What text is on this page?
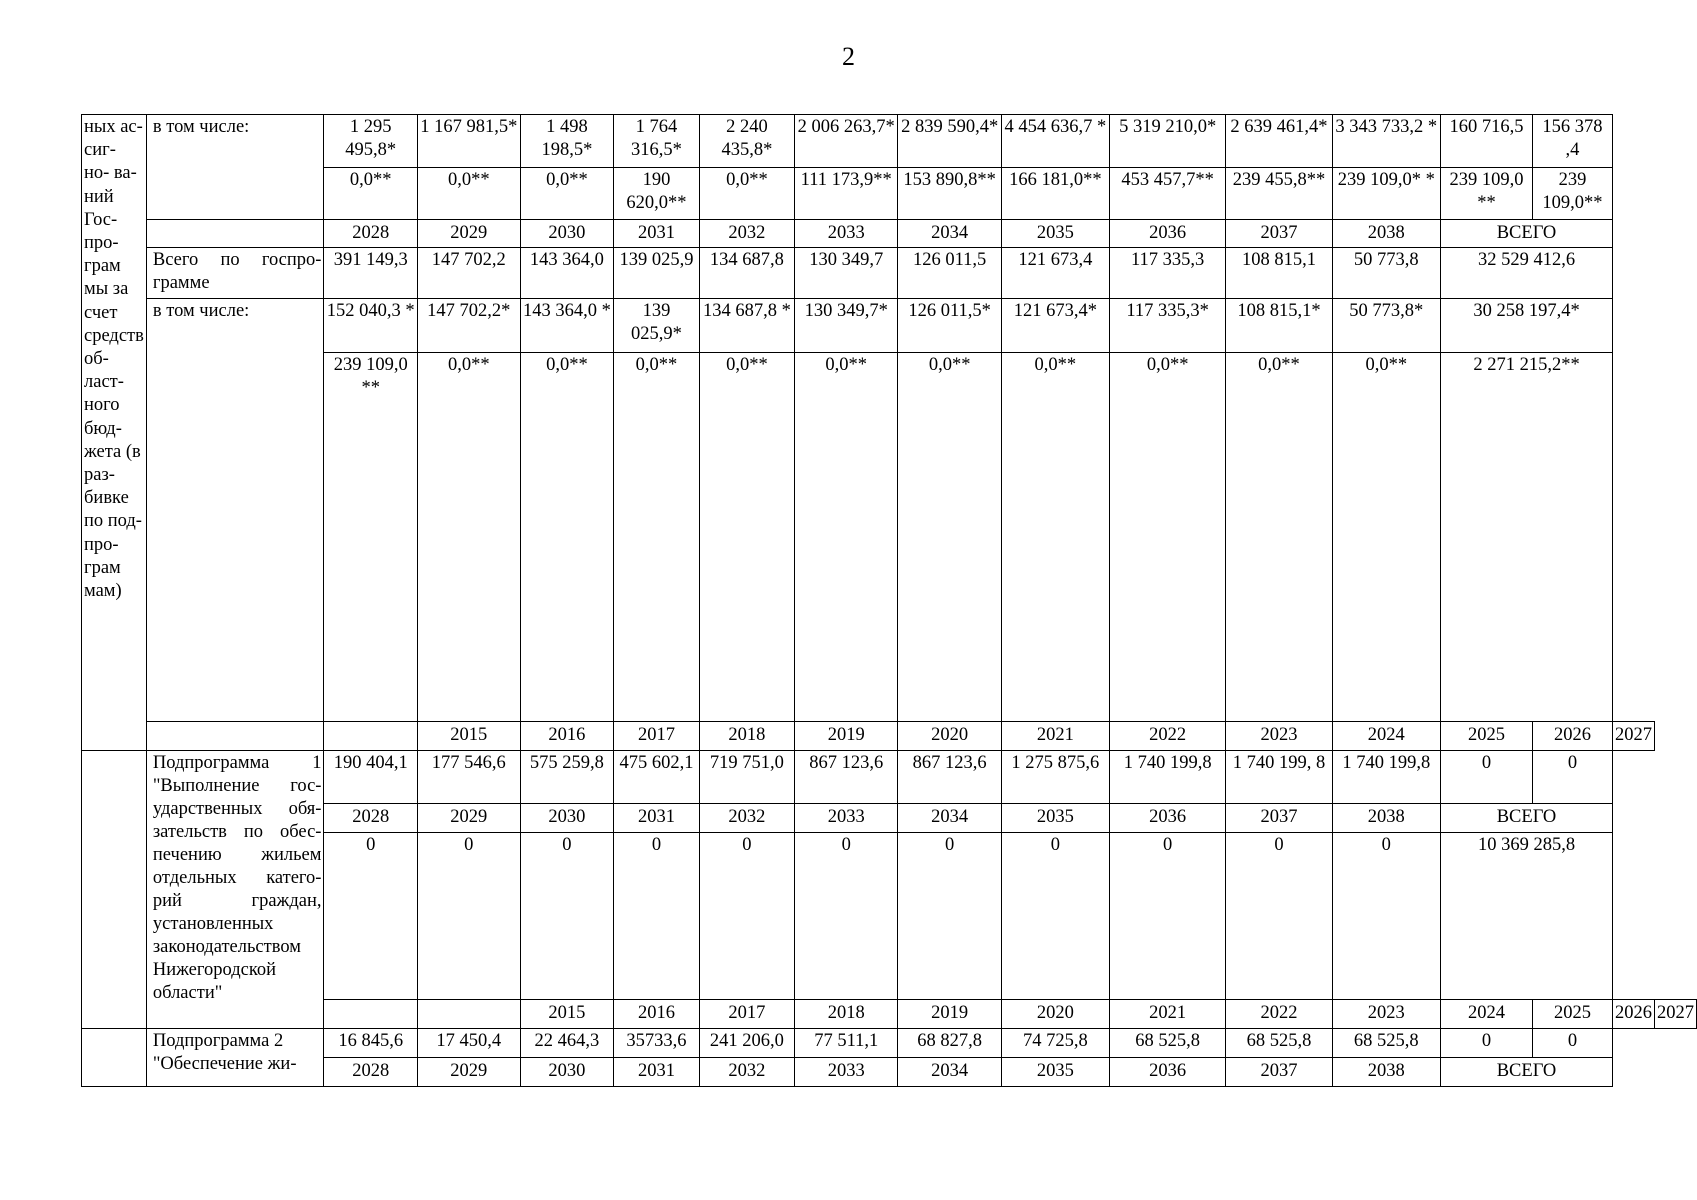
2
ных ас- сиг- но- ва- ний Гос- про- грам мы за счет средств об- ласт- ного бюд- жета (в раз- бивке по под- про- грам мам)	в том числе:	1 295 495,8*	1 167 981,5*	1 498 198,5*	1 764 316,5*	2 240 435,8*	2 006 263,7*	2 839 590,4*	4 454 636,7 *	5 319 210,0*	2 639 461,4*	3 343 733,2 *	160 716,5	156 378 ,4		
		0,0**	0,0**	0,0**	190 620,0**	0,0**	111 173,9**	153 890,8**	166 181,0**	453 457,7**	239 455,8**	239 109,0* *	239 109,0 **	239 109,0**		
		2028	2029	2030	2031	2032	2033	2034	2035	2036	2037	2038	ВСЕГО			
	Всего по госпро- грамме	391 149,3	147 702,2	143 364,0	139 025,9	134 687,8	130 349,7	126 011,5	121 673,4	117 335,3	108 815,1	50 773,8	32 529 412,6			
	в том числе:	152 040,3 *	147 702,2*	143 364,0 *	139 025,9*	134 687,8 *	130 349,7*	126 011,5*	121 673,4*	117 335,3*	108 815,1*	50 773,8*	30 258 197,4*			
		239 109,0 **	0,0**	0,0**	0,0**	0,0**	0,0**	0,0**	0,0**	0,0**	0,0**	0,0**	2 271 215,2**			
			2015	2016	2017	2018	2019	2020	2021	2022	2023	2024	2025	2026	2027	
	Подпрограмма 1 "Выполнение гос- ударственных обя- зательств по обес- печению жильем отдельных катего- рий граждан, установленных законодательством Нижегородской области"	190 404,1	177 546,6	575 259,8	475 602,1	719 751,0	867 123,6	867 123,6	1 275 875,6	1 740 199,8	1 740 199, 8	1 740 199,8	0	0		
		2028	2029	2030	2031	2032	2033	2034	2035	2036	2037	2038	ВСЕГО			
		0	0	0	0	0	0	0	0	0	0	0	10 369 285,8			
				2015	2016	2017	2018	2019	2020	2021	2022	2023	2024	2025	2026	2027
	Подпрограмма 2 "Обеспечение жи-	16 845,6	17 450,4	22 464,3	35733,6	241 206,0	77 511,1	68 827,8	74 725,8	68 525,8	68 525,8	68 525,8	0	0		
		2028	2029	2030	2031	2032	2033	2034	2035	2036	2037	2038	ВСЕГО			
